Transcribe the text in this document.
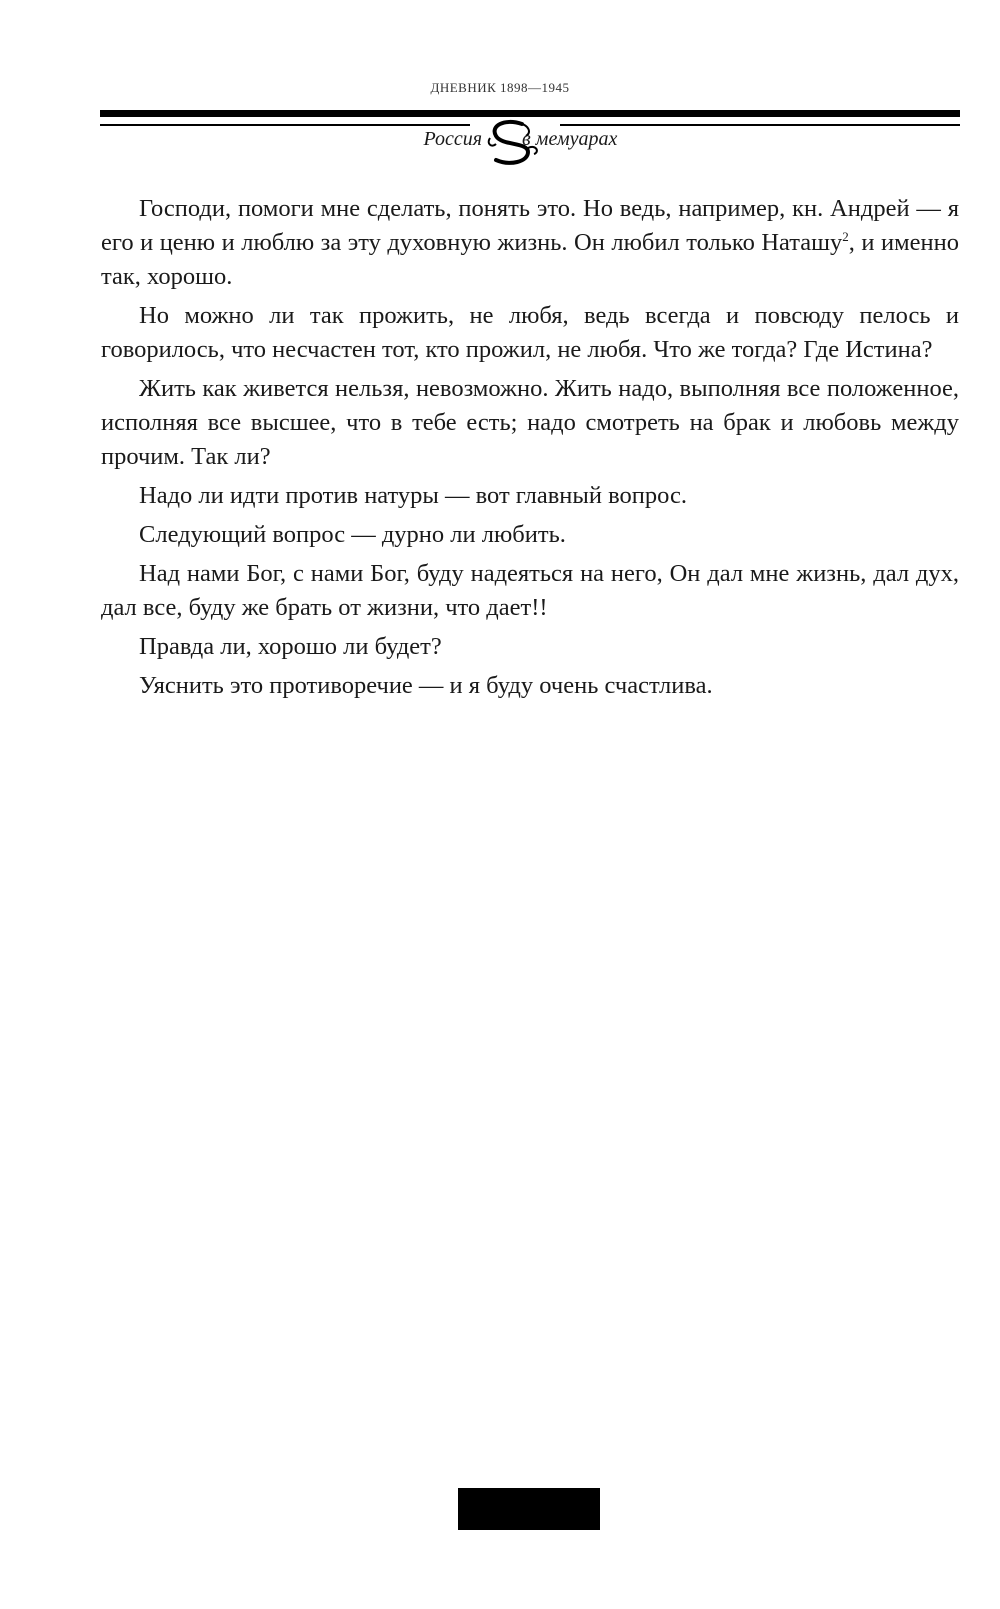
ДНЕВНИК 1898—1945
Россия в мемуарах

Господи, помоги мне сделать, понять это. Но ведь, например, кн. Андрей — я его и ценю и люблю за эту духовную жизнь. Он любил только Наташу$^2$, и именно так, хорошо.

Но можно ли так прожить, не любя, ведь всегда и повсюду пелось и говорилось, что несчастен тот, кто прожил, не любя. Что же тогда? Где Истина?

Жить как живется нельзя, невозможно. Жить надо, выполняя все положенное, исполняя все высшее, что в тебе есть; надо смотреть на брак и любовь между прочим. Так ли?

Надо ли идти против натуры — вот главный вопрос.

Следующий вопрос — дурно ли любить.

Над нами Бог, с нами Бог, буду надеяться на него, Он дал мне жизнь, дал дух, дал все, буду же брать от жизни, что дает!!

Правда ли, хорошо ли будет?

Уяснить это противоречие — и я буду очень счастлива.
